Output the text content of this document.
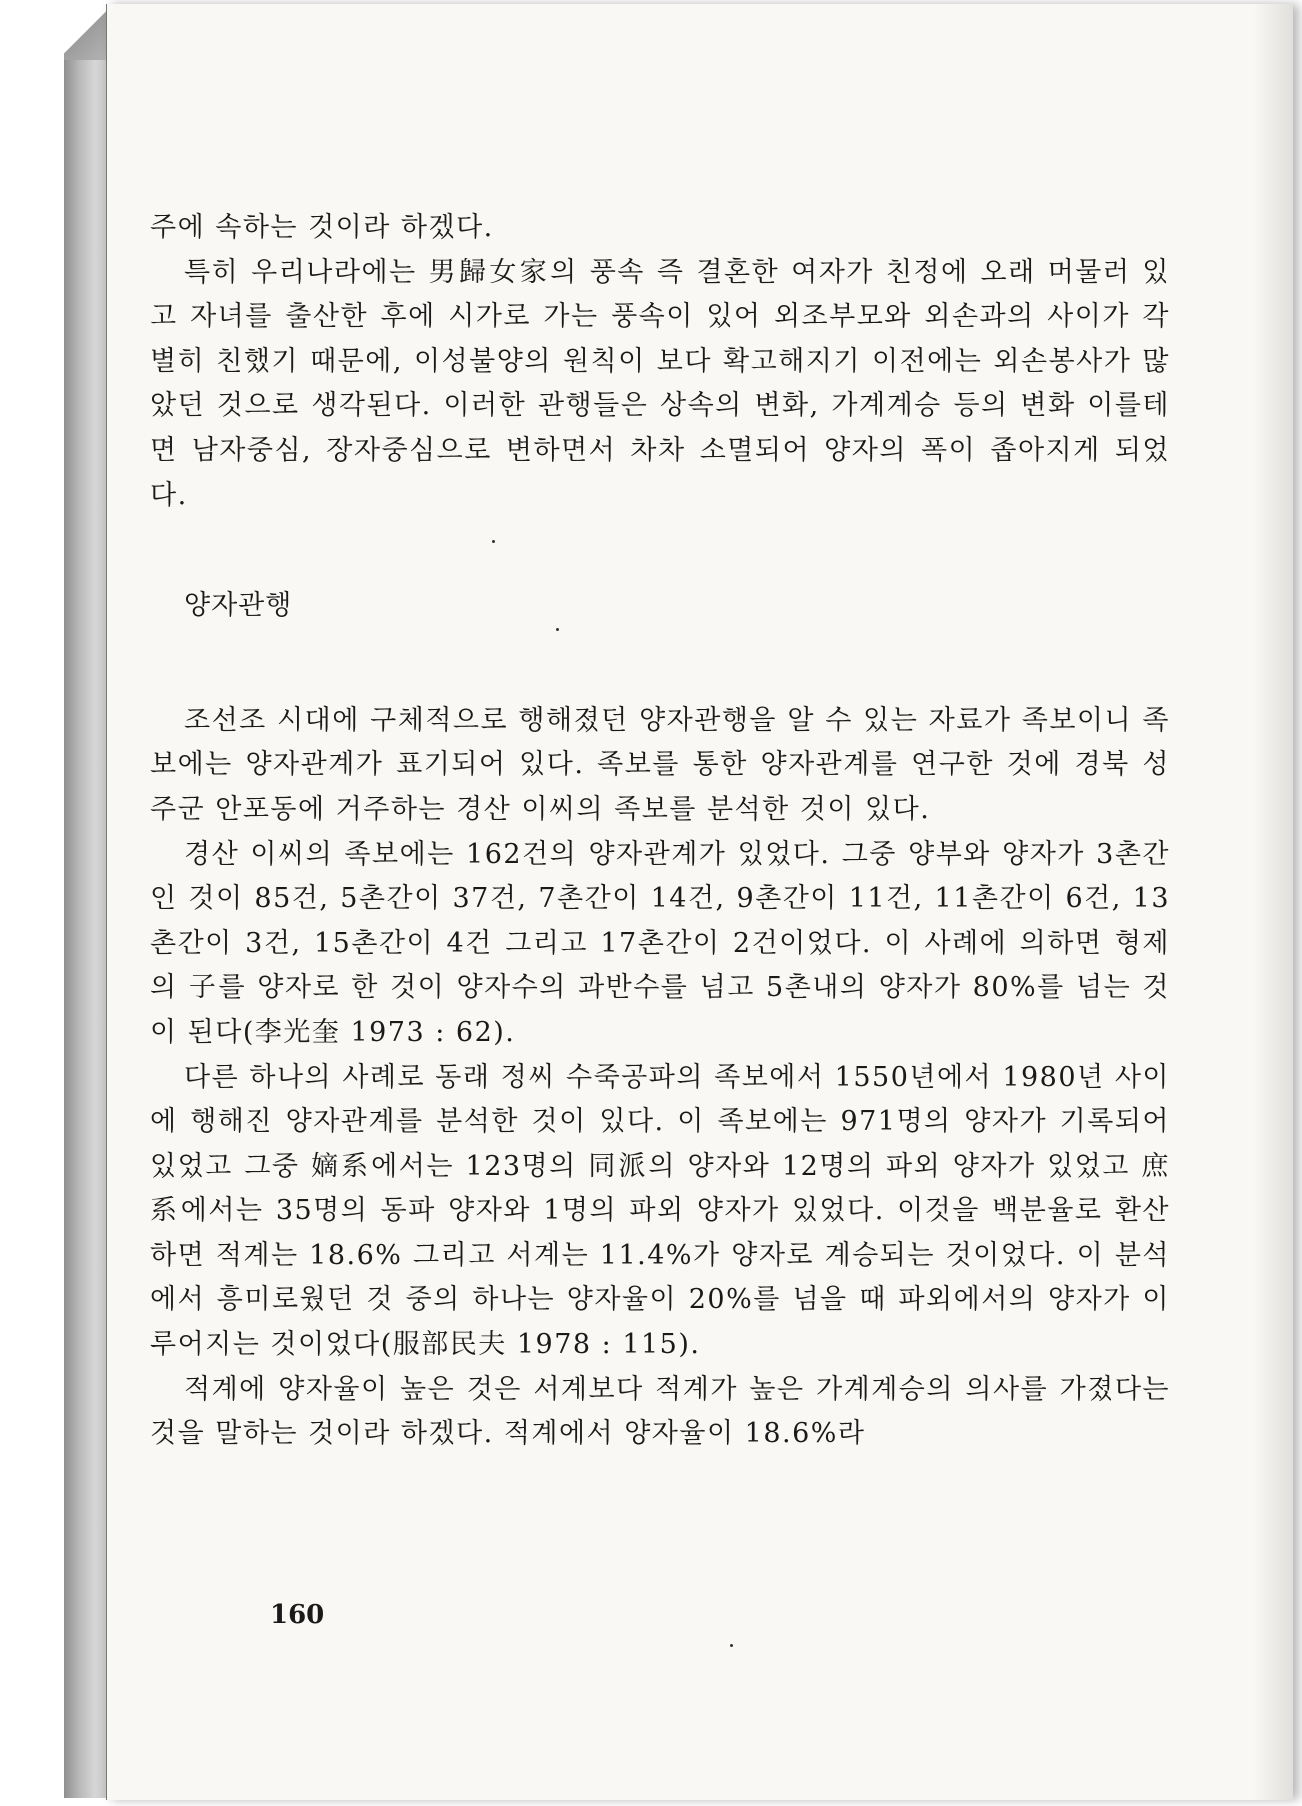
주에 속하는 것이라 하겠다.

특히 우리나라에는 男歸女家의 풍속 즉 결혼한 여자가 친정에 오래 머물러 있고 자녀를 출산한 후에 시가로 가는 풍속이 있어 외조부모와 외손과의 사이가 각별히 친했기 때문에, 이성불양의 원칙이 보다 확고해지기 이전에는 외손봉사가 많았던 것으로 생각된다. 이러한 관행들은 상속의 변화, 가계계승 등의 변화 이를테면 남자중심, 장자중심으로 변하면서 차차 소멸되어 양자의 폭이 좁아지게 되었다.

양자관행

조선조 시대에 구체적으로 행해졌던 양자관행을 알 수 있는 자료가 족보이니 족보에는 양자관계가 표기되어 있다. 족보를 통한 양자관계를 연구한 것에 경북 성주군 안포동에 거주하는 경산 이씨의 족보를 분석한 것이 있다.

경산 이씨의 족보에는 162건의 양자관계가 있었다. 그중 양부와 양자가 3촌간인 것이 85건, 5촌간이 37건, 7촌간이 14건, 9촌간이 11건, 11촌간이 6건, 13촌간이 3건, 15촌간이 4건 그리고 17촌간이 2건이었다. 이 사례에 의하면 형제의 子를 양자로 한 것이 양자수의 과반수를 넘고 5촌내의 양자가 80%를 넘는 것이 된다(李光奎 1973 : 62).

다른 하나의 사례로 동래 정씨 수죽공파의 족보에서 1550년에서 1980년 사이에 행해진 양자관계를 분석한 것이 있다. 이 족보에는 971명의 양자가 기록되어 있었고 그중 嫡系에서는 123명의 同派의 양자와 12명의 파외 양자가 있었고 庶系에서는 35명의 동파 양자와 1명의 파외 양자가 있었다. 이것을 백분율로 환산하면 적계는 18.6% 그리고 서계는 11.4%가 양자로 계승되는 것이었다. 이 분석에서 흥미로웠던 것 중의 하나는 양자율이 20%를 넘을 때 파외에서의 양자가 이루어지는 것이었다(服部民夫 1978 : 115).

적계에 양자율이 높은 것은 서계보다 적계가 높은 가계계승의 의사를 가졌다는 것을 말하는 것이라 하겠다. 적계에서 양자율이 18.6%라

160
